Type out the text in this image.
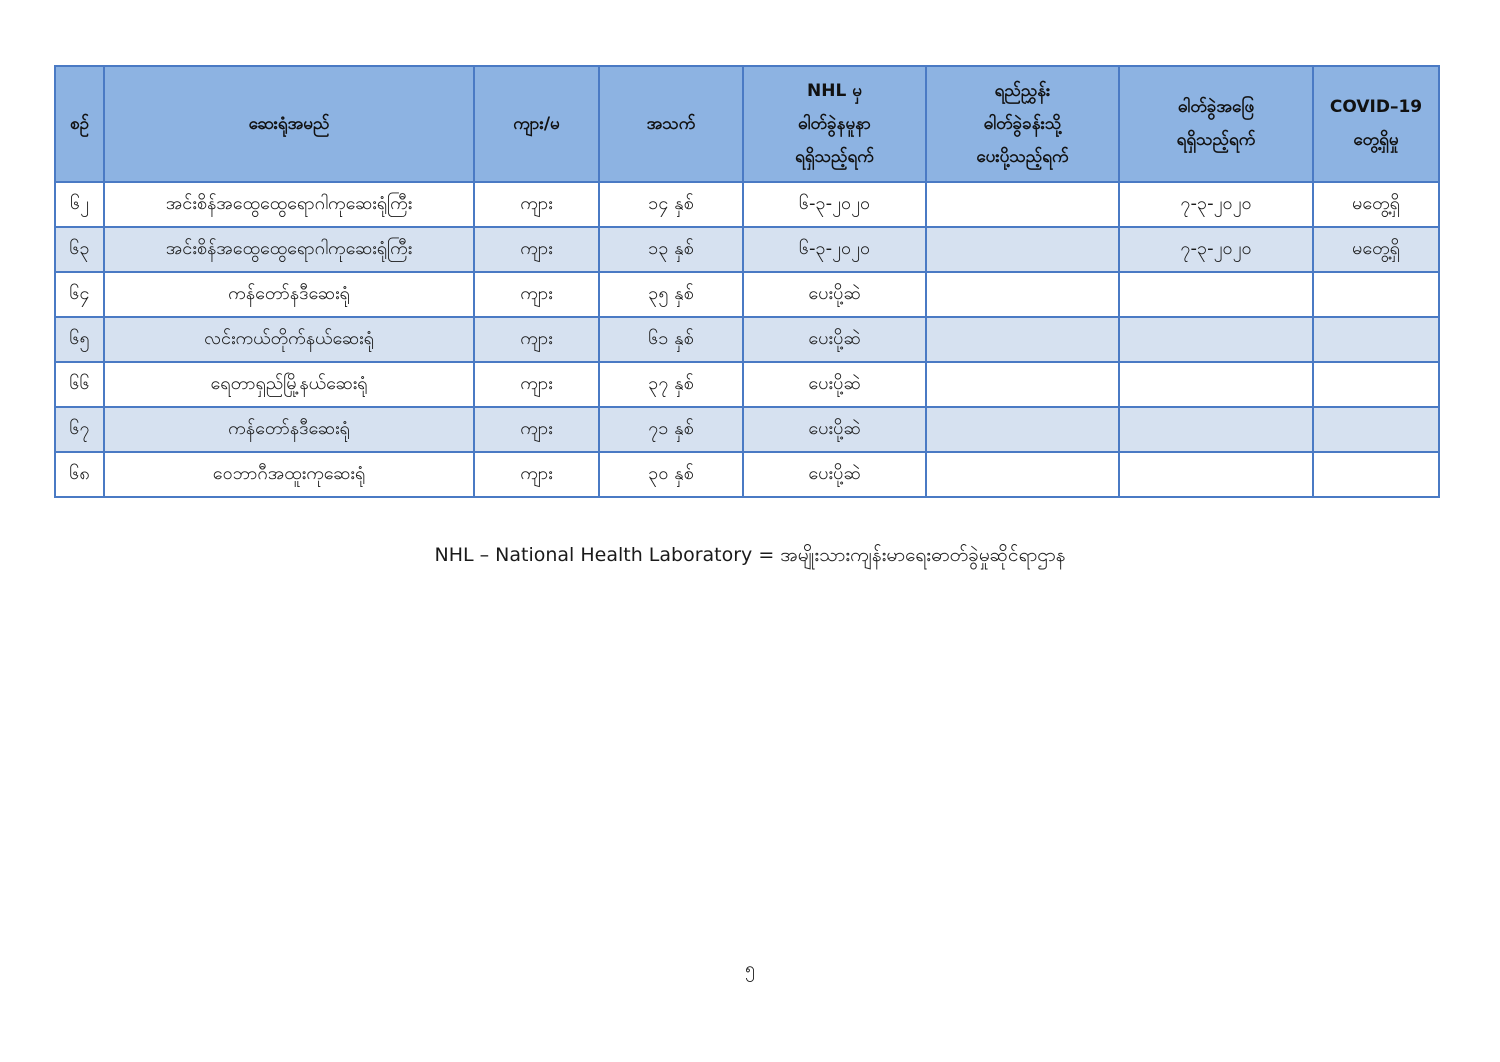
စဉ်	ဆေးရုံအမည်	ကျား/မ	အသက်	NHL မှ
ဓါတ်ခွဲနမူနာ
ရရှိသည့်ရက်	ရည်ညွှန်း
ဓါတ်ခွဲခန်းသို့
ပေးပို့သည့်ရက်	ဓါတ်ခွဲအဖြေ
ရရှိသည့်ရက်	COVID–19
တွေ့ရှိမှု
၆၂	အင်းစိန်အထွေထွေရောဂါကုဆေးရုံကြီး	ကျား	၁၄ နှစ်	၆-၃-၂၀၂၀		၇-၃-၂၀၂၀	မတွေ့ရှိ
၆၃	အင်းစိန်အထွေထွေရောဂါကုဆေးရုံကြီး	ကျား	၁၃ နှစ်	၆-၃-၂၀၂၀		၇-၃-၂၀၂၀	မတွေ့ရှိ
၆၄	ကန်တော်နဒီဆေးရုံ	ကျား	၃၅ နှစ်	ပေးပို့ဆဲ			
၆၅	လင်းကယ်တိုက်နယ်ဆေးရုံ	ကျား	၆၁ နှစ်	ပေးပို့ဆဲ			
၆၆	ရေတာရှည်မြို့နယ်ဆေးရုံ	ကျား	၃၇ နှစ်	ပေးပို့ဆဲ			
၆၇	ကန်တော်နဒီဆေးရုံ	ကျား	၇၁ နှစ်	ပေးပို့ဆဲ			
၆၈	ဝေဘာဂီအထူးကုဆေးရုံ	ကျား	၃၀ နှစ်	ပေးပို့ဆဲ			
NHL – National Health Laboratory = အမျိုးသားကျန်းမာရေးဓာတ်ခွဲမှုဆိုင်ရာဌာန
၅
